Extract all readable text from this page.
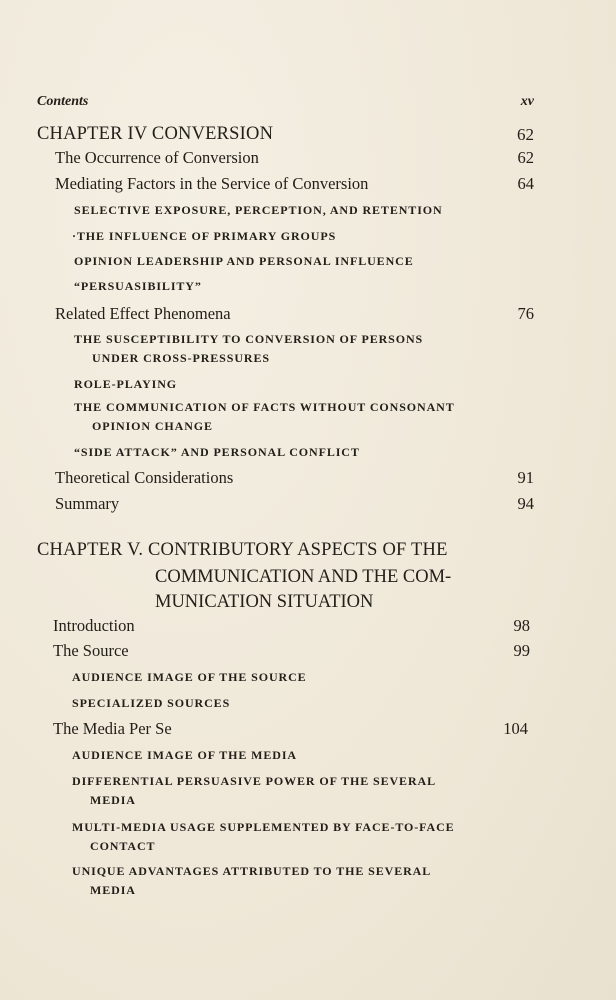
Contents	xv
CHAPTER IV CONVERSION	62
The Occurrence of Conversion	62
Mediating Factors in the Service of Conversion	64
SELECTIVE EXPOSURE, PERCEPTION, AND RETENTION
·THE INFLUENCE OF PRIMARY GROUPS
OPINION LEADERSHIP AND PERSONAL INFLUENCE
“PERSUASIBILITY”
Related Effect Phenomena	76
THE SUSCEPTIBILITY TO CONVERSION OF PERSONS
UNDER CROSS-PRESSURES
ROLE-PLAYING
THE COMMUNICATION OF FACTS WITHOUT CONSONANT
OPINION CHANGE
“SIDE ATTACK” AND PERSONAL CONFLICT
Theoretical Considerations	91
Summary	94
CHAPTER V. CONTRIBUTORY ASPECTS OF THE
COMMUNICATION AND THE COM-
MUNICATION SITUATION
Introduction	98
The Source	99
AUDIENCE IMAGE OF THE SOURCE
SPECIALIZED SOURCES
The Media Per Se	104
AUDIENCE IMAGE OF THE MEDIA
DIFFERENTIAL PERSUASIVE POWER OF THE SEVERAL
MEDIA
MULTI-MEDIA USAGE SUPPLEMENTED BY FACE-TO-FACE
CONTACT
UNIQUE ADVANTAGES ATTRIBUTED TO THE SEVERAL
MEDIA
